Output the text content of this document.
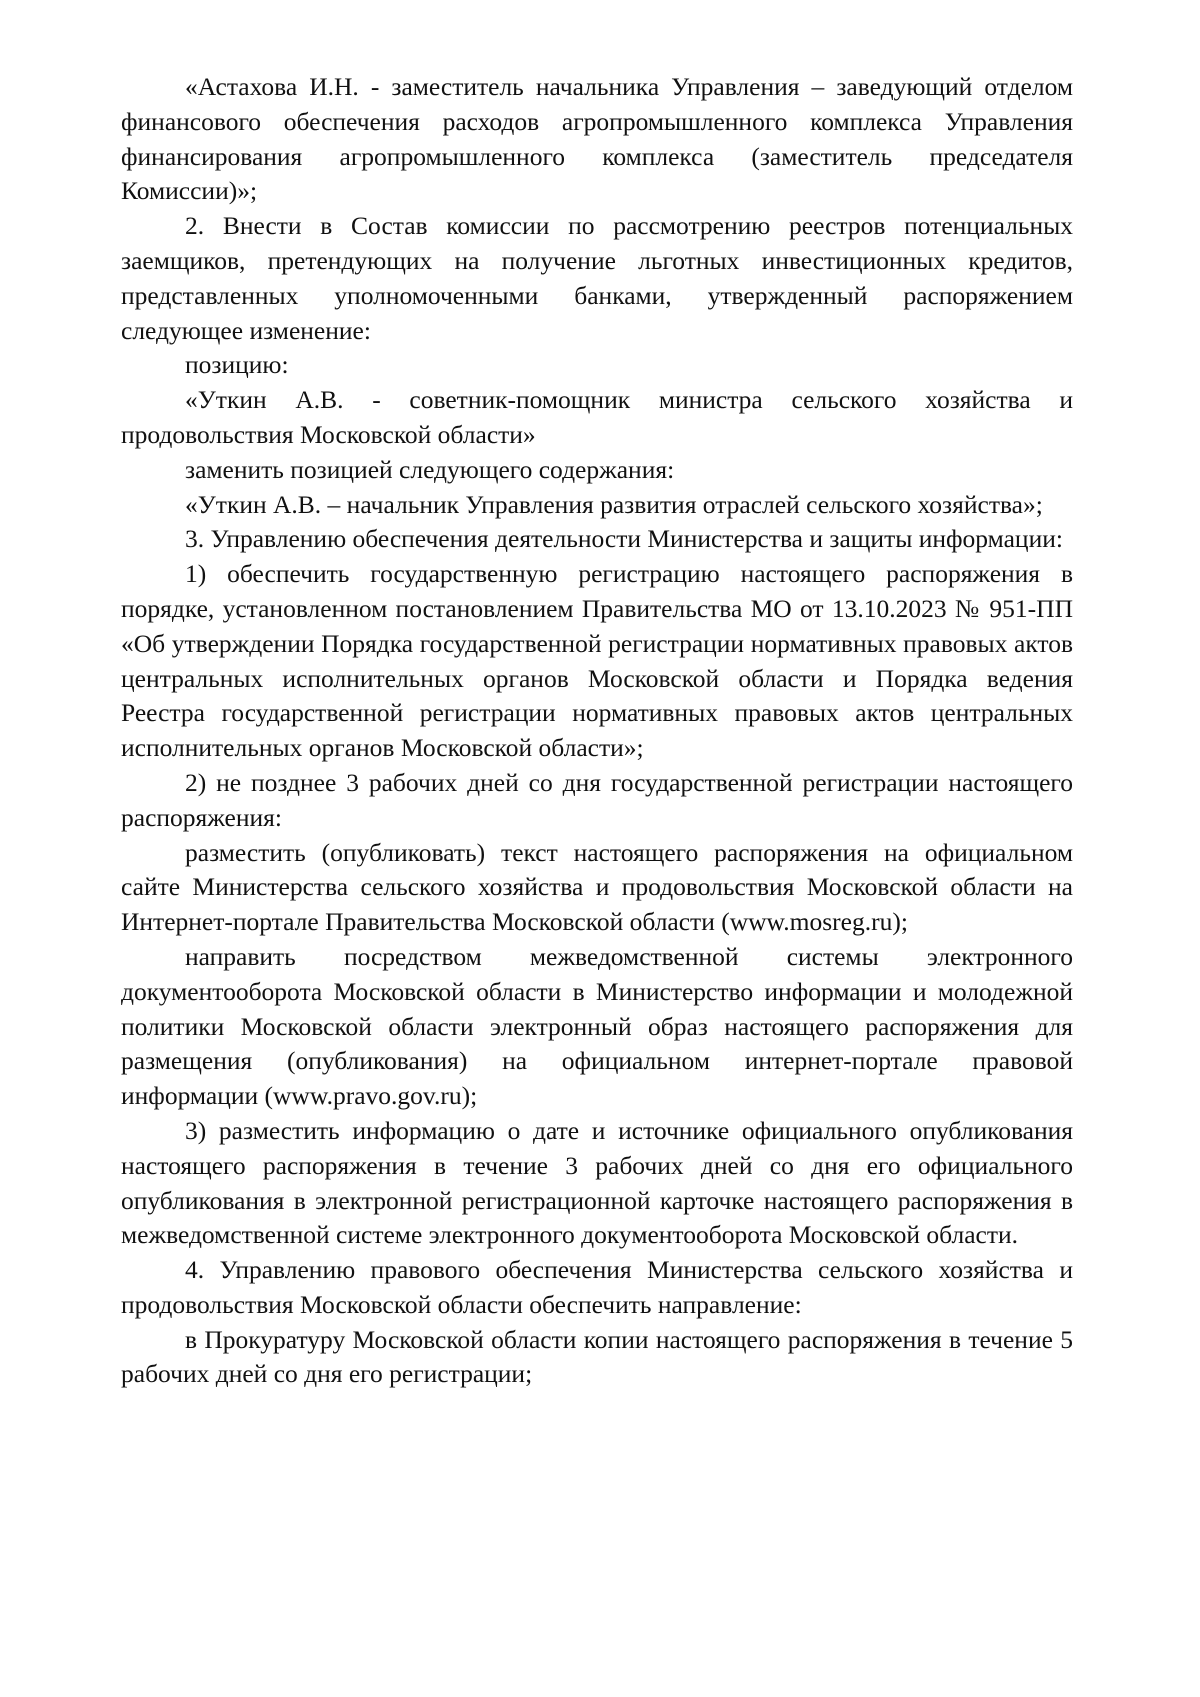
«Астахова И.Н. - заместитель начальника Управления – заведующий отделом финансового обеспечения расходов агропромышленного комплекса Управления финансирования агропромышленного комплекса (заместитель председателя Комиссии)»;

2. Внести в Состав комиссии по рассмотрению реестров потенциальных заемщиков, претендующих на получение льготных инвестиционных кредитов, представленных уполномоченными банками, утвержденный распоряжением следующее изменение:

позицию:

«Уткин А.В. - советник-помощник министра сельского хозяйства и продовольствия Московской области»

заменить позицией следующего содержания:

«Уткин А.В. – начальник Управления развития отраслей сельского хозяйства»;

3. Управлению обеспечения деятельности Министерства и защиты информации:

1) обеспечить государственную регистрацию настоящего распоряжения в порядке, установленном постановлением Правительства МО от 13.10.2023 № 951-ПП «Об утверждении Порядка государственной регистрации нормативных правовых актов центральных исполнительных органов Московской области и Порядка ведения Реестра государственной регистрации нормативных правовых актов центральных исполнительных органов Московской области»;

2) не позднее 3 рабочих дней со дня государственной регистрации настоящего распоряжения:

разместить (опубликовать) текст настоящего распоряжения на официальном сайте Министерства сельского хозяйства и продовольствия Московской области на Интернет-портале Правительства Московской области (www.mosreg.ru);

направить посредством межведомственной системы электронного документооборота Московской области в Министерство информации и молодежной политики Московской области электронный образ настоящего распоряжения для размещения (опубликования) на официальном интернет-портале правовой информации (www.pravo.gov.ru);

3) разместить информацию о дате и источнике официального опубликования настоящего распоряжения в течение 3 рабочих дней со дня его официального опубликования в электронной регистрационной карточке настоящего распоряжения в межведомственной системе электронного документооборота Московской области.

4. Управлению правового обеспечения Министерства сельского хозяйства и продовольствия Московской области обеспечить направление:

в Прокуратуру Московской области копии настоящего распоряжения в течение 5 рабочих дней со дня его регистрации;
